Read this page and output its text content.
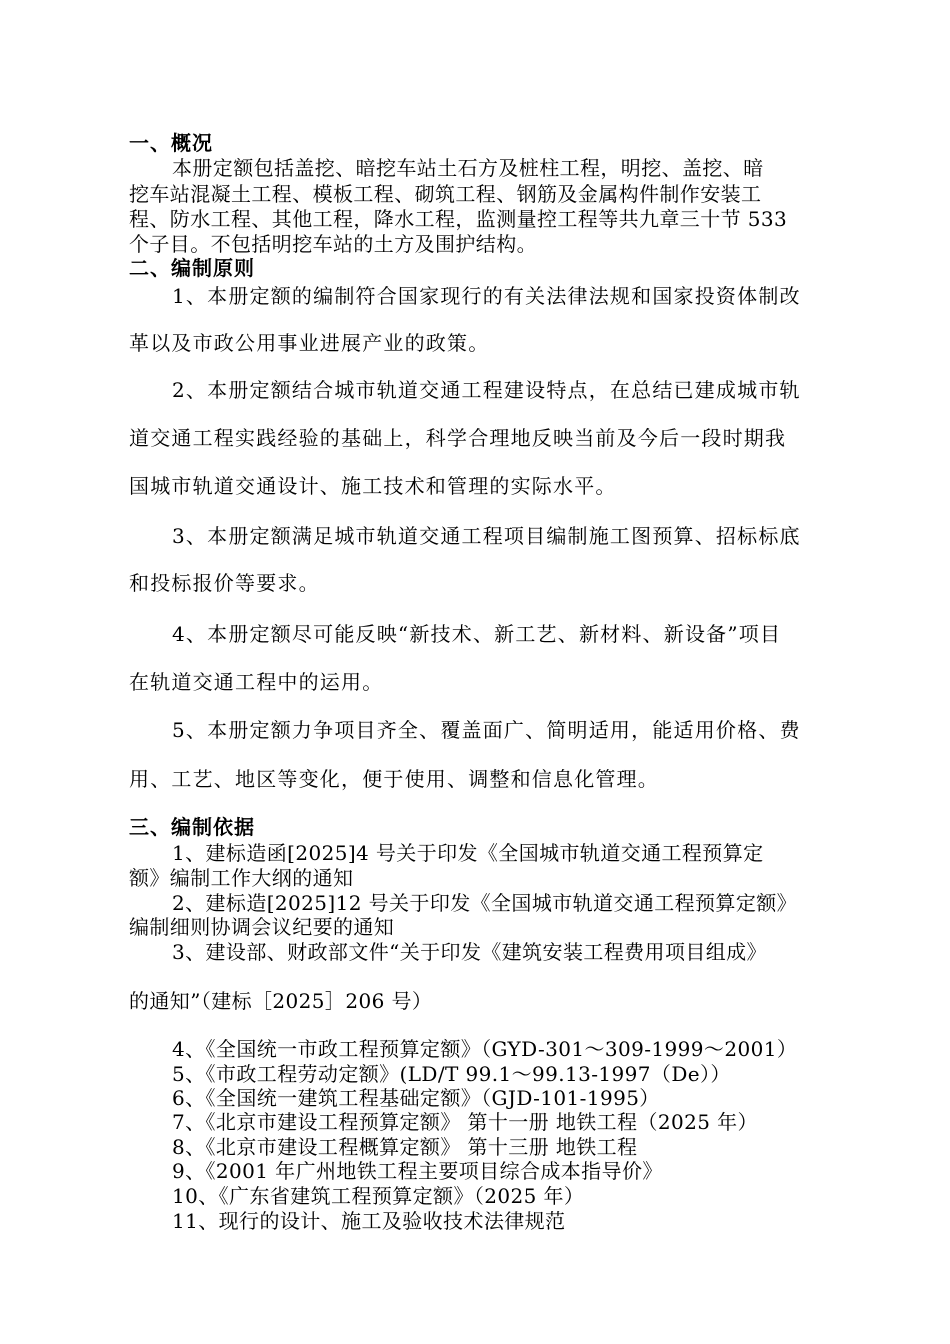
一、概况
本册定额包括盖挖、暗挖车站土石方及桩柱工程，明挖、盖挖、暗
挖车站混凝土工程、模板工程、砌筑工程、钢筋及金属构件制作安装工
程、防水工程、其他工程，降水工程，监测量控工程等共九章三十节 533
个子目。不包括明挖车站的土方及围护结构。
二、编制原则
1、本册定额的编制符合国家现行的有关法律法规和国家投资体制改
革以及市政公用事业进展产业的政策。
2、本册定额结合城市轨道交通工程建设特点，在总结已建成城市轨
道交通工程实践经验的基础上，科学合理地反映当前及今后一段时期我
国城市轨道交通设计、施工技术和管理的实际水平。
3、本册定额满足城市轨道交通工程项目编制施工图预算、招标标底
和投标报价等要求。
4、本册定额尽可能反映“新技术、新工艺、新材料、新设备”项目
在轨道交通工程中的运用。
5、本册定额力争项目齐全、覆盖面广、简明适用，能适用价格、费
用、工艺、地区等变化，便于使用、调整和信息化管理。
三、编制依据
1、建标造函[2025]4 号关于印发《全国城市轨道交通工程预算定
额》编制工作大纲的通知
2、建标造[2025]12 号关于印发《全国城市轨道交通工程预算定额》
编制细则协调会议纪要的通知
3、建设部、财政部文件“关于印发《建筑安装工程费用项目组成》
的通知”（建标［2025］206 号）
4、《全国统一市政工程预算定额》（GYD-301～309-1999～2001）
5、《市政工程劳动定额》(LD/T 99.1～99.13-1997（De））
6、《全国统一建筑工程基础定额》（GJD-101-1995）
7、《北京市建设工程预算定额》 第十一册 地铁工程（2025 年）
8、《北京市建设工程概算定额》 第十三册 地铁工程
9、《2001 年广州地铁工程主要项目综合成本指导价》
10、《广东省建筑工程预算定额》（2025 年）
11、现行的设计、施工及验收技术法律规范
